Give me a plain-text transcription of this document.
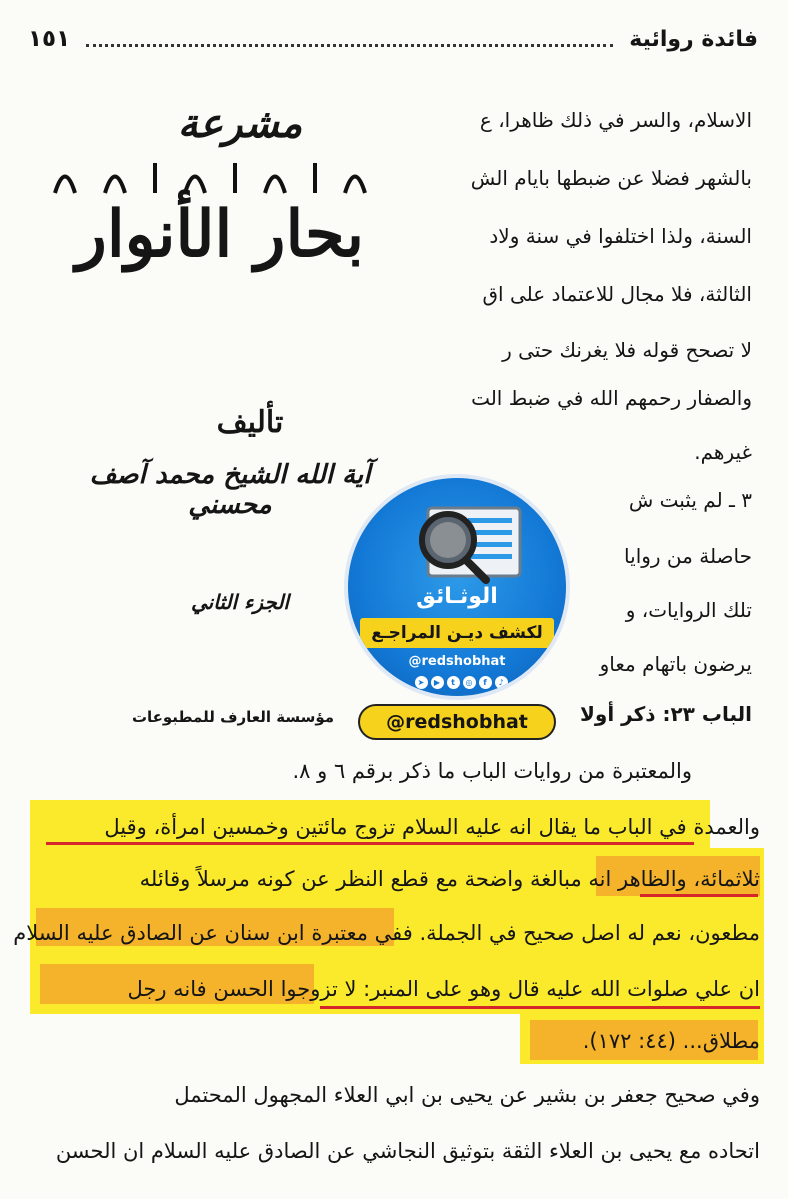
١٥١	فائدة روائية
الاسلام، والسر في ذلك ظاهرا، ع
بالشهر فضلا عن ضبطها بايام الش
السنة، ولذا اختلفوا في سنة ولاد
الثالثة، فلا مجال للاعتماد على اق
لا تصحح قوله فلا يغرنك حتى ر
والصفار رحمهم الله في ضبط الت
غيرهم.
٣ ـ لم يثبت ش
حاصلة من روايا
تلك الروايات، و
يرضون باتهام معاو
الباب ٢٣: ذكر أولا
مشرعة
بحار الأنوار
تأليف
آية الله الشيخ محمد آصف محسني
الجزء الثاني
مؤسسة العارف للمطبوعات
الوثـائق
لكشف ديـن المراجـع
@redshobhat
➤	▶	t	◎	f	♪
@redshobhat
والمعتبرة من روايات الباب ما ذكر برقم ٦ و ٨.
والعمدة في الباب ما يقال انه عليه السلام تزوج مائتين وخمسين امرأة، وقيل
ثلاثمائة، والظاهر انه مبالغة واضحة مع قطع النظر عن كونه مرسلاً وقائله
مطعون، نعم له اصل صحيح في الجملة. ففي معتبرة ابن سنان عن الصادق عليه السلام
ان علي صلوات الله عليه قال وهو على المنبر: لا تزوجوا الحسن فانه رجل
مطلاق... (٤٤: ١٧٢).
وفي صحيح جعفر بن بشير عن يحيى بن ابي العلاء المجهول المحتمل
اتحاده مع يحيى بن العلاء الثقة بتوثيق النجاشي عن الصادق عليه السلام ان الحسن
